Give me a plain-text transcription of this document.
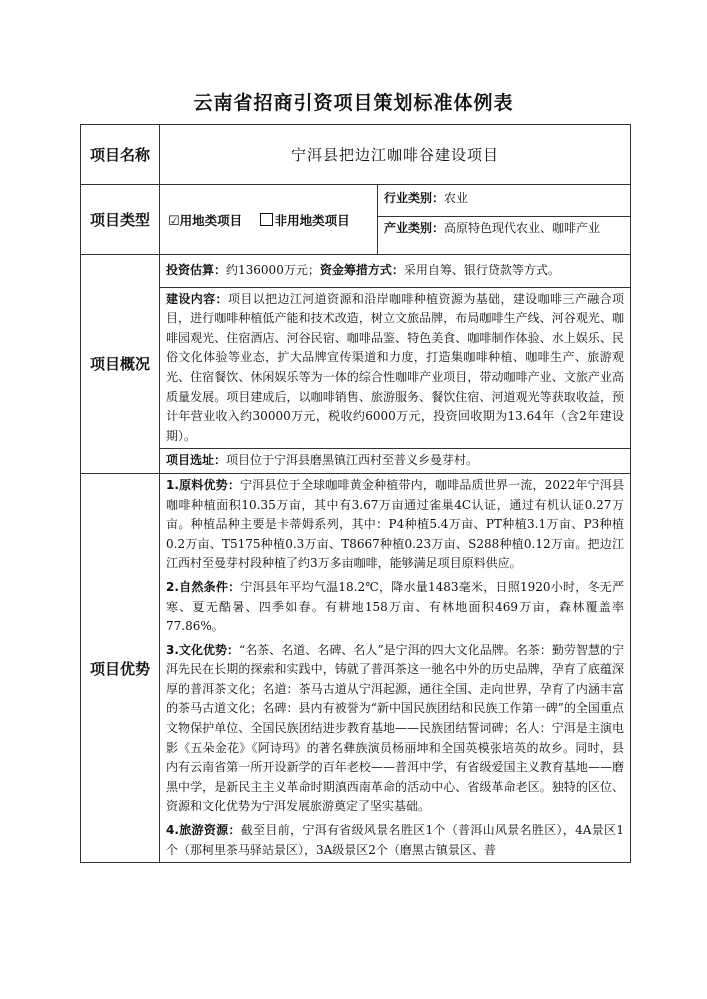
云南省招商引资项目策划标准体例表
项目名称	宁洱县把边江咖啡谷建设项目	
项目类型	☑用地类项目 非用地类项目	行业类别：农业
产业类别：高原特色现代农业、咖啡产业

项目概况	投资估算：约136000万元；资金筹措方式：采用自筹、银行贷款等方式。
建设内容：项目以把边江河道资源和沿岸咖啡种植资源为基础，建设咖啡三产融合项目，进行咖啡种植低产能和技术改造，树立文旅品牌，布局咖啡生产线、河谷观光、咖啡园观光、住宿酒店、河谷民宿、咖啡品鉴、特色美食、咖啡制作体验、水上娱乐、民俗文化体验等业态，扩大品牌宣传渠道和力度，打造集咖啡种植、咖啡生产、旅游观光、住宿餐饮、休闲娱乐等为一体的综合性咖啡产业项目，带动咖啡产业、文旅产业高质量发展。项目建成后，以咖啡销售、旅游服务、餐饮住宿、河道观光等获取收益，预计年营业收入约30000万元，税收约6000万元，投资回收期为13.64年（含2年建设期）。
项目选址：项目位于宁洱县磨黑镇江西村至普义乡曼芽村。	

项目优势	1.原料优势：宁洱县位于全球咖啡黄金种植带内，咖啡品质世界一流，2022年宁洱县咖啡种植面积10.35万亩，其中有3.67万亩通过雀巢4C认证，通过有机认证0.27万亩。种植品种主要是卡蒂姆系列，其中：P4种植5.4万亩、PT种植3.1万亩、P3种植0.2万亩、T5175种植0.3万亩、T8667种植0.23万亩、S288种植0.12万亩。把边江江西村至曼芽村段种植了约3万多亩咖啡，能够满足项目原料供应。
2.自然条件：宁洱县年平均气温18.2℃，降水量1483毫米，日照1920小时，冬无严寒、夏无酷暑、四季如春。有耕地158万亩、有林地面积469万亩，森林覆盖率77.86%。
3.文化优势：“名茶、名道、名碑、名人”是宁洱的四大文化品牌。名茶：勤劳智慧的宁洱先民在长期的探索和实践中，铸就了普洱茶这一驰名中外的历史品牌，孕育了底蕴深厚的普洱茶文化；名道：茶马古道从宁洱起源，通往全国、走向世界，孕育了内涵丰富的茶马古道文化；名碑：县内有被誉为“新中国民族团结和民族工作第一碑”的全国重点文物保护单位、全国民族团结进步教育基地——民族团结誓词碑；名人：宁洱是主演电影《五朵金花》《阿诗玛》的著名彝族演员杨丽坤和全国英模张培英的故乡。同时，县内有云南省第一所开设新学的百年老校——普洱中学，有省级爱国主义教育基地——磨黑中学，是新民主主义革命时期滇西南革命的活动中心、省级革命老区。独特的区位、资源和文化优势为宁洱发展旅游奠定了坚实基础。
4.旅游资源：截至目前，宁洱有省级风景名胜区1个（普洱山风景名胜区），4A景区1个（那柯里茶马驿站景区），3A级景区2个（磨黑古镇景区、普	
